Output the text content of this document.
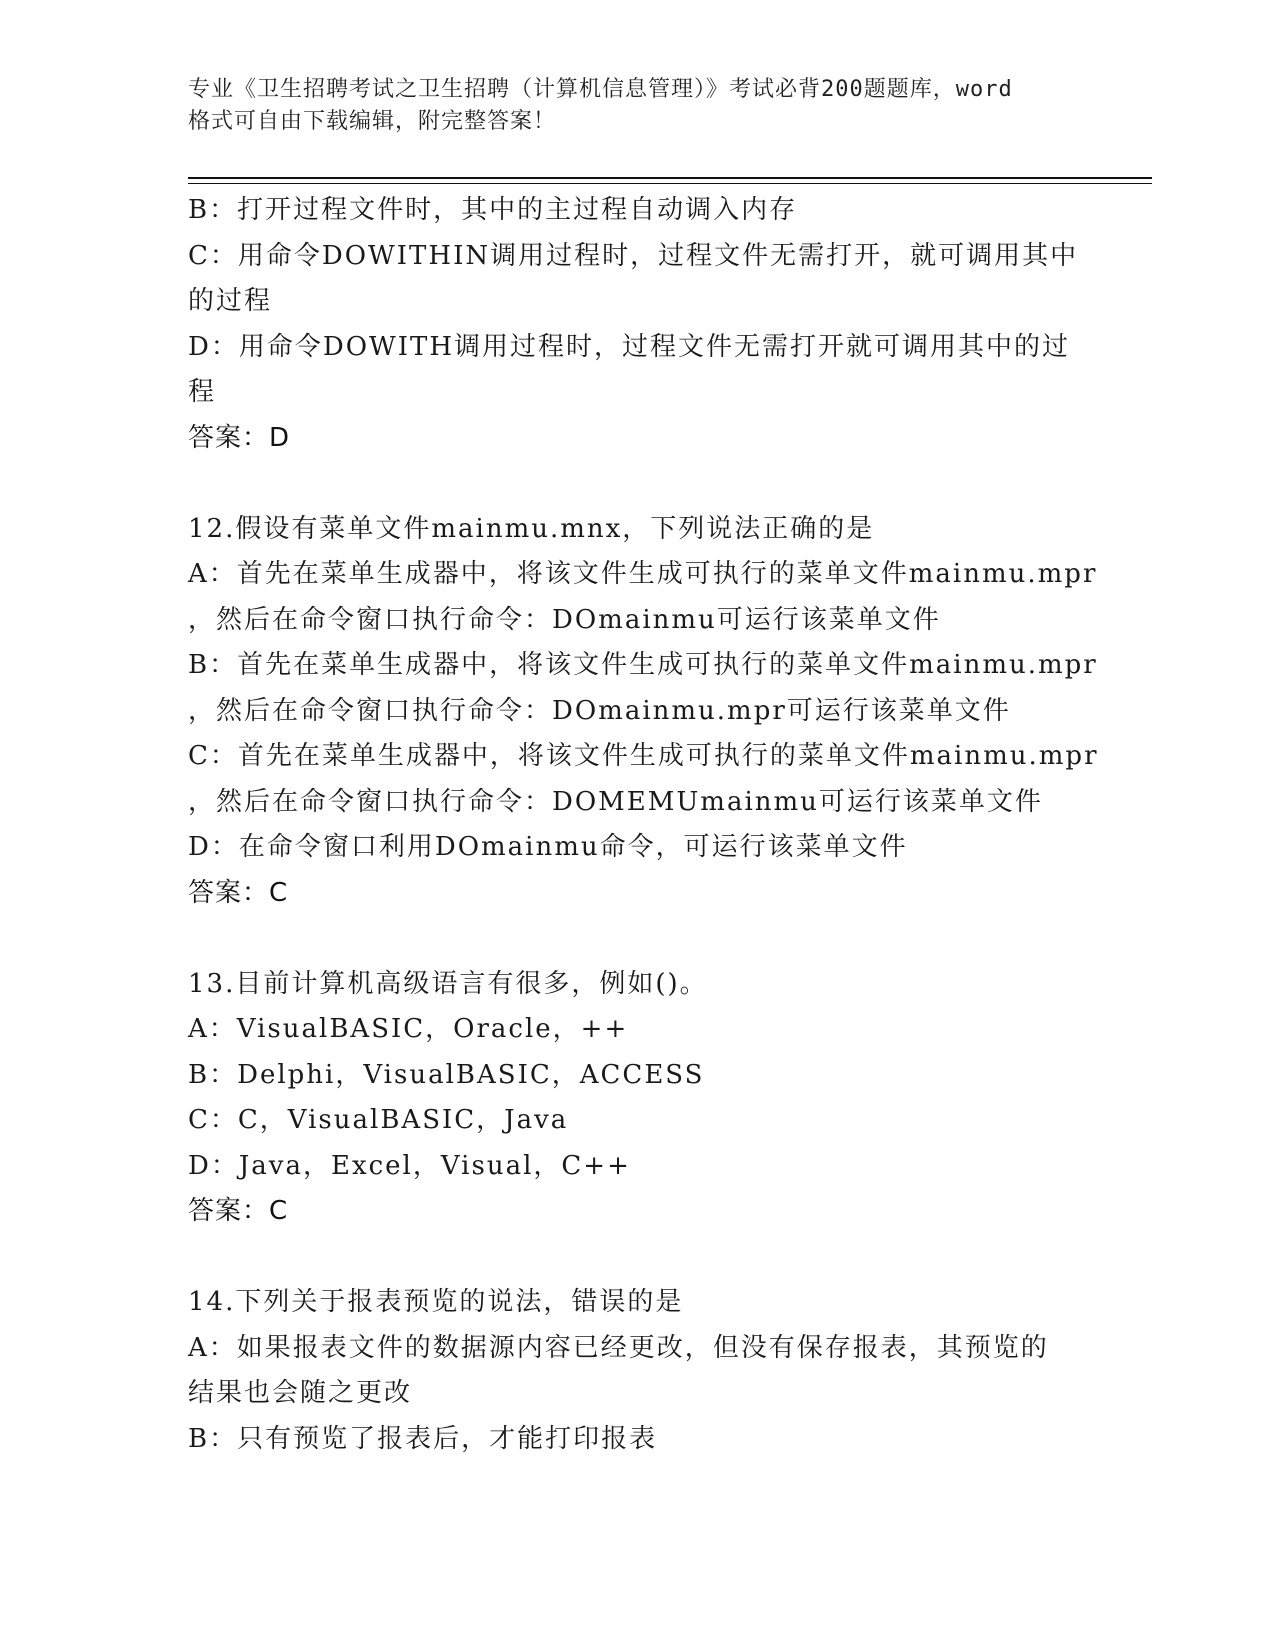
专业《卫生招聘考试之卫生招聘（计算机信息管理）》考试必背200题题库，word
格式可自由下载编辑，附完整答案！
B：打开过程文件时，其中的主过程自动调入内存
C：用命令DOWITHIN调用过程时，过程文件无需打开，就可调用其中
的过程
D：用命令DOWITH调用过程时，过程文件无需打开就可调用其中的过
程
答案：D
12.假设有菜单文件mainmu.mnx，下列说法正确的是
A：首先在菜单生成器中，将该文件生成可执行的菜单文件mainmu.mpr
，然后在命令窗口执行命令：DOmainmu可运行该菜单文件
B：首先在菜单生成器中，将该文件生成可执行的菜单文件mainmu.mpr
，然后在命令窗口执行命令：DOmainmu.mpr可运行该菜单文件
C：首先在菜单生成器中，将该文件生成可执行的菜单文件mainmu.mpr
，然后在命令窗口执行命令：DOMEMUmainmu可运行该菜单文件
D：在命令窗口利用DOmainmu命令，可运行该菜单文件
答案：C
13.目前计算机高级语言有很多，例如()。
A：VisualBASIC，Oracle，++
B：Delphi，VisualBASIC，ACCESS
C：C，VisualBASIC，Java
D：Java，Excel，Visual，C++
答案：C
14.下列关于报表预览的说法，错误的是
A：如果报表文件的数据源内容已经更改，但没有保存报表，其预览的
结果也会随之更改
B：只有预览了报表后，才能打印报表
